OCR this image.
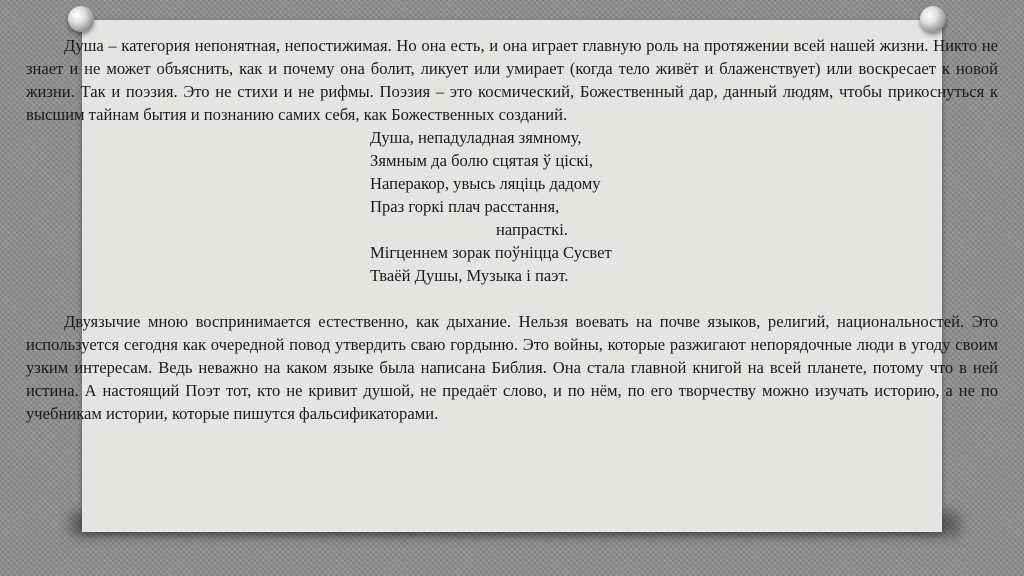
Душа – категория непонятная, непостижимая. Но она есть, и она играет главную роль на протяжении всей нашей жизни. Никто не знает и не может объяснить, как и почему она болит, ликует или умирает (когда тело живёт и блаженствует) или воскресает к новой жизни. Так и поэзия. Это не стихи и не рифмы. Поэзия – это космический, Божественный дар, данный людям, чтобы прикоснуться к высшим тайнам бытия и познанию самих себя, как Божественных созданий.

Душа, непадуладная зямному,
Зямным да болю сцятая ў ціскі,
Наперакор, увысь ляціць дадому
Праз горкі плач расстання,
напрасткі.
Мігценнем зорак поўніцца Сусвет
Тваёй Душы, Музыка і паэт.

Двуязычие мною воспринимается естественно, как дыхание. Нельзя воевать на почве языков, религий, национальностей. Это используется сегодня как очередной повод утвердить сваю гордыню. Это войны, которые разжигают непорядочные люди в угоду своим узким интересам. Ведь неважно на каком языке была написана Библия. Она стала главной книгой на всей планете, потому что в ней истина. А настоящий Поэт тот, кто не кривит душой, не предаёт слово, и по нём, по его творчеству можно изучать историю, а не по учебникам истории, которые пишутся фальсификаторами.
